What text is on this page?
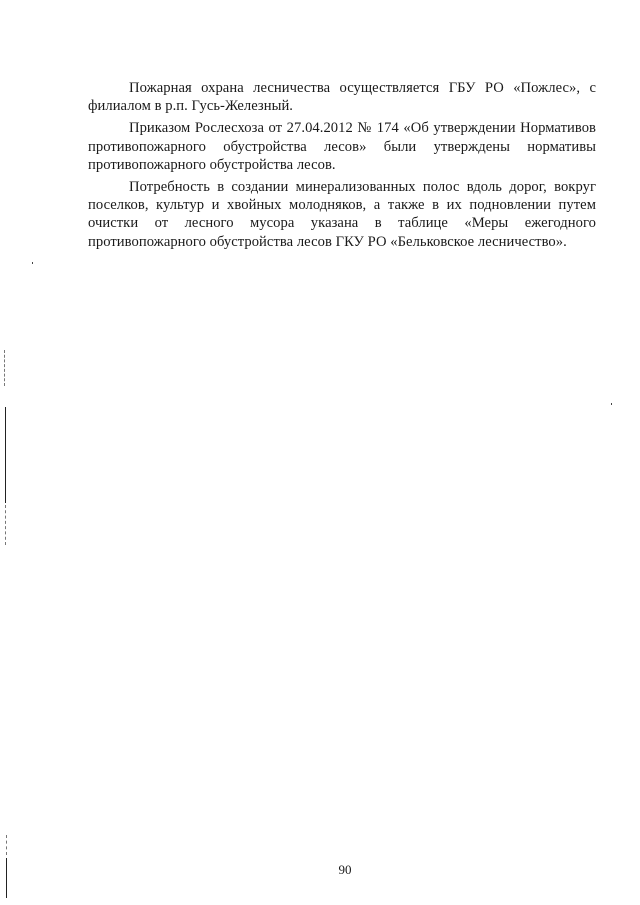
Пожарная охрана лесничества осуществляется ГБУ РО «Пожлес», с филиалом в р.п. Гусь-Железный.

Приказом Рослесхоза от 27.04.2012 № 174 «Об утверждении Нормативов противопожарного обустройства лесов» были утверждены нормативы противопожарного обустройства лесов.

Потребность в создании минерализованных полос вдоль дорог, вокруг поселков, культур и хвойных молодняков, а также в их подновлении путем очистки от лесного мусора указана в таблице «Меры ежегодного противопожарного обустройства лесов ГКУ РО «Бельковское лесничество».

90
